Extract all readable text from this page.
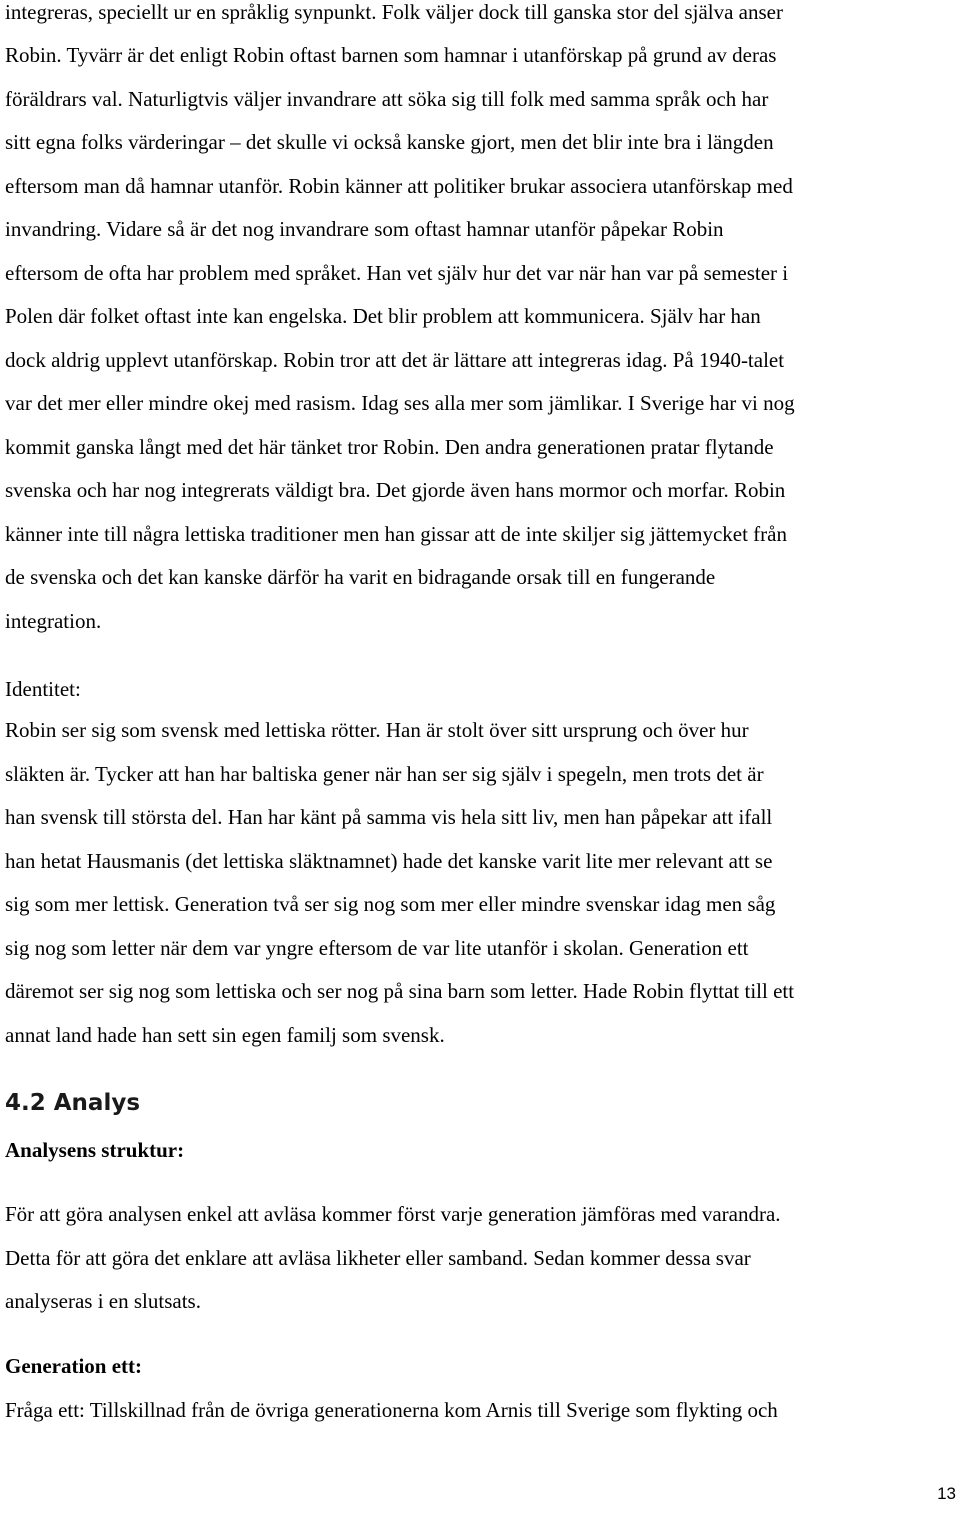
integreras, speciellt ur en språklig synpunkt. Folk väljer dock till ganska stor del själva anser
Robin. Tyvärr är det enligt Robin oftast barnen som hamnar i utanförskap på grund av deras
föräldrars val. Naturligtvis väljer invandrare att söka sig till folk med samma språk och har
sitt egna folks värderingar – det skulle vi också kanske gjort, men det blir inte bra i längden
eftersom man då hamnar utanför. Robin känner att politiker brukar associera utanförskap med
invandring. Vidare så är det nog invandrare som oftast hamnar utanför påpekar Robin
eftersom de ofta har problem med språket. Han vet själv hur det var när han var på semester i
Polen där folket oftast inte kan engelska. Det blir problem att kommunicera. Själv har han
dock aldrig upplevt utanförskap. Robin tror att det är lättare att integreras idag. På 1940-talet
var det mer eller mindre okej med rasism. Idag ses alla mer som jämlikar. I Sverige har vi nog
kommit ganska långt med det här tänket tror Robin. Den andra generationen pratar flytande
svenska och har nog integrerats väldigt bra. Det gjorde även hans mormor och morfar. Robin
känner inte till några lettiska traditioner men han gissar att de inte skiljer sig jättemycket från
de svenska och det kan kanske därför ha varit en bidragande orsak till en fungerande
integration.
Identitet:
Robin ser sig som svensk med lettiska rötter. Han är stolt över sitt ursprung och över hur
släkten är. Tycker att han har baltiska gener när han ser sig själv i spegeln, men trots det är
han svensk till största del. Han har känt på samma vis hela sitt liv, men han påpekar att ifall
han hetat Hausmanis (det lettiska släktnamnet) hade det kanske varit lite mer relevant att se
sig som mer lettisk. Generation två ser sig nog som mer eller mindre svenskar idag men såg
sig nog som letter när dem var yngre eftersom de var lite utanför i skolan. Generation ett
däremot ser sig nog som lettiska och ser nog på sina barn som letter. Hade Robin flyttat till ett
annat land hade han sett sin egen familj som svensk.
4.2 Analys
Analysens struktur:
För att göra analysen enkel att avläsa kommer först varje generation jämföras med varandra.
Detta för att göra det enklare att avläsa likheter eller samband. Sedan kommer dessa svar
analyseras i en slutsats.
Generation ett:
Fråga ett: Tillskillnad från de övriga generationerna kom Arnis till Sverige som flykting och
13
